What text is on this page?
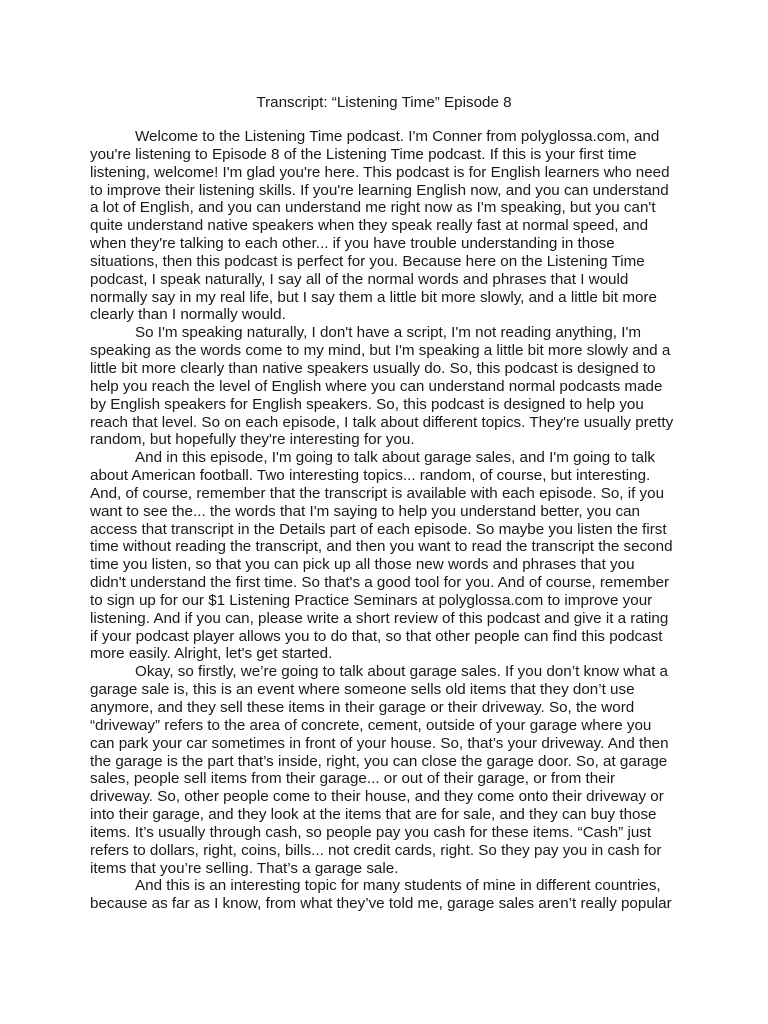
Transcript: “Listening Time” Episode 8

Welcome to the Listening Time podcast. I'm Conner from polyglossa.com, and you're listening to Episode 8 of the Listening Time podcast. If this is your first time listening, welcome! I'm glad you're here. This podcast is for English learners who need to improve their listening skills. If you're learning English now, and you can understand a lot of English, and you can understand me right now as I'm speaking, but you can't quite understand native speakers when they speak really fast at normal speed, and when they're talking to each other... if you have trouble understanding in those situations, then this podcast is perfect for you. Because here on the Listening Time podcast, I speak naturally, I say all of the normal words and phrases that I would normally say in my real life, but I say them a little bit more slowly, and a little bit more clearly than I normally would.

So I'm speaking naturally, I don't have a script, I'm not reading anything, I'm speaking as the words come to my mind, but I'm speaking a little bit more slowly and a little bit more clearly than native speakers usually do. So, this podcast is designed to help you reach the level of English where you can understand normal podcasts made by English speakers for English speakers. So, this podcast is designed to help you reach that level. So on each episode, I talk about different topics. They're usually pretty random, but hopefully they're interesting for you.

And in this episode, I'm going to talk about garage sales, and I'm going to talk about American football. Two interesting topics... random, of course, but interesting. And, of course, remember that the transcript is available with each episode. So, if you want to see the... the words that I'm saying to help you understand better, you can access that transcript in the Details part of each episode. So maybe you listen the first time without reading the transcript, and then you want to read the transcript the second time you listen, so that you can pick up all those new words and phrases that you didn't understand the first time. So that's a good tool for you. And of course, remember to sign up for our $1 Listening Practice Seminars at polyglossa.com to improve your listening. And if you can, please write a short review of this podcast and give it a rating if your podcast player allows you to do that, so that other people can find this podcast more easily. Alright, let's get started.

Okay, so firstly, we’re going to talk about garage sales. If you don’t know what a garage sale is, this is an event where someone sells old items that they don’t use anymore, and they sell these items in their garage or their driveway. So, the word “driveway” refers to the area of concrete, cement, outside of your garage where you can park your car sometimes in front of your house. So, that’s your driveway. And then the garage is the part that’s inside, right, you can close the garage door. So, at garage sales, people sell items from their garage... or out of their garage, or from their driveway. So, other people come to their house, and they come onto their driveway or into their garage, and they look at the items that are for sale, and they can buy those items. It’s usually through cash, so people pay you cash for these items. “Cash” just refers to dollars, right, coins, bills... not credit cards, right. So they pay you in cash for items that you’re selling. That’s a garage sale.

And this is an interesting topic for many students of mine in different countries, because as far as I know, from what they’ve told me, garage sales aren’t really popular
